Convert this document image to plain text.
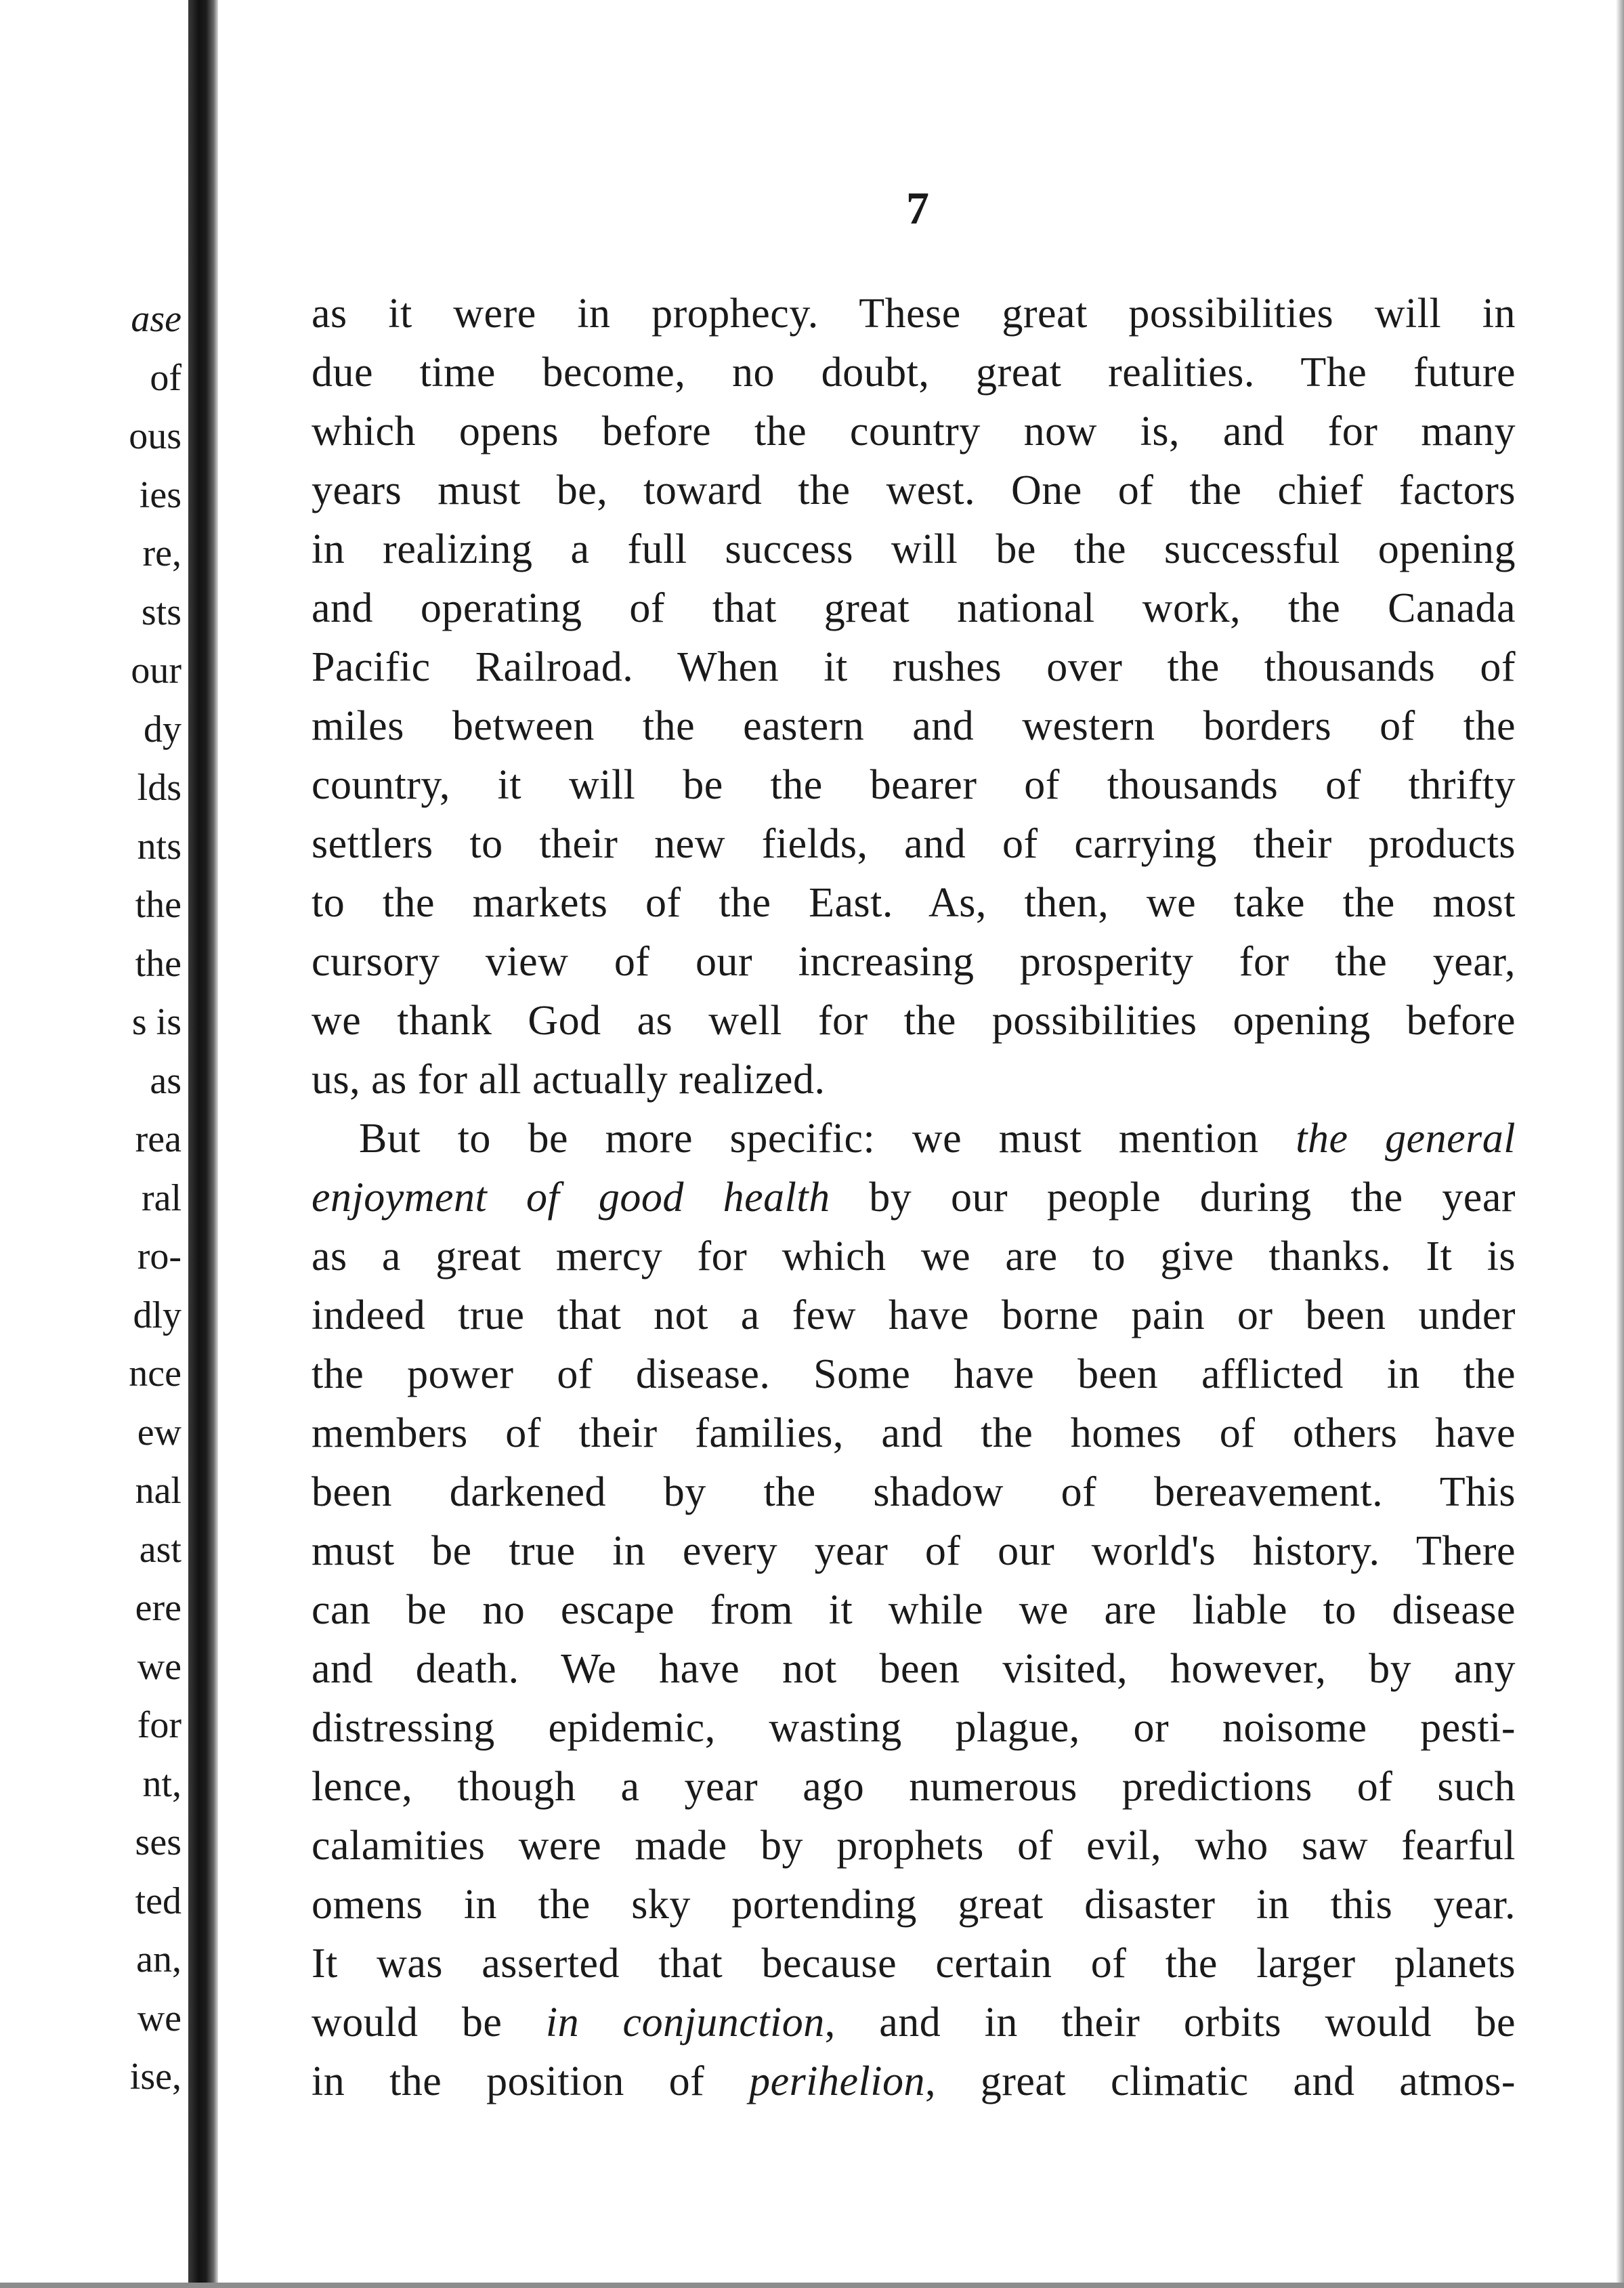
ase
of
ous
ies
re,
sts
our
dy
lds
nts
the
the
s is
as
rea
ral
ro-
dly
nce
ew
nal
ast
ere
we
for
nt,
ses
ted
an,
we
ise,
7
as it were in prophecy. These great possibilities will in
due time become, no doubt, great realities. The future
which opens before the country now is, and for many
years must be, toward the west. One of the chief factors
in realizing a full success will be the successful opening
and operating of that great national work, the Canada
Pacific Railroad. When it rushes over the thousands of
miles between the eastern and western borders of the
country, it will be the bearer of thousands of thrifty
settlers to their new fields, and of carrying their products
to the markets of the East. As, then, we take the most
cursory view of our increasing prosperity for the year,
we thank God as well for the possibilities opening before
us, as for all actually realized.
But to be more specific: we must mention the general
enjoyment of good health by our people during the year
as a great mercy for which we are to give thanks. It is
indeed true that not a few have borne pain or been under
the power of disease. Some have been afflicted in the
members of their families, and the homes of others have
been darkened by the shadow of bereavement. This
must be true in every year of our world's history. There
can be no escape from it while we are liable to disease
and death. We have not been visited, however, by any
distressing epidemic, wasting plague, or noisome pesti-
lence, though a year ago numerous predictions of such
calamities were made by prophets of evil, who saw fearful
omens in the sky portending great disaster in this year.
It was asserted that because certain of the larger planets
would be in conjunction, and in their orbits would be
in the position of perihelion, great climatic and atmos-
